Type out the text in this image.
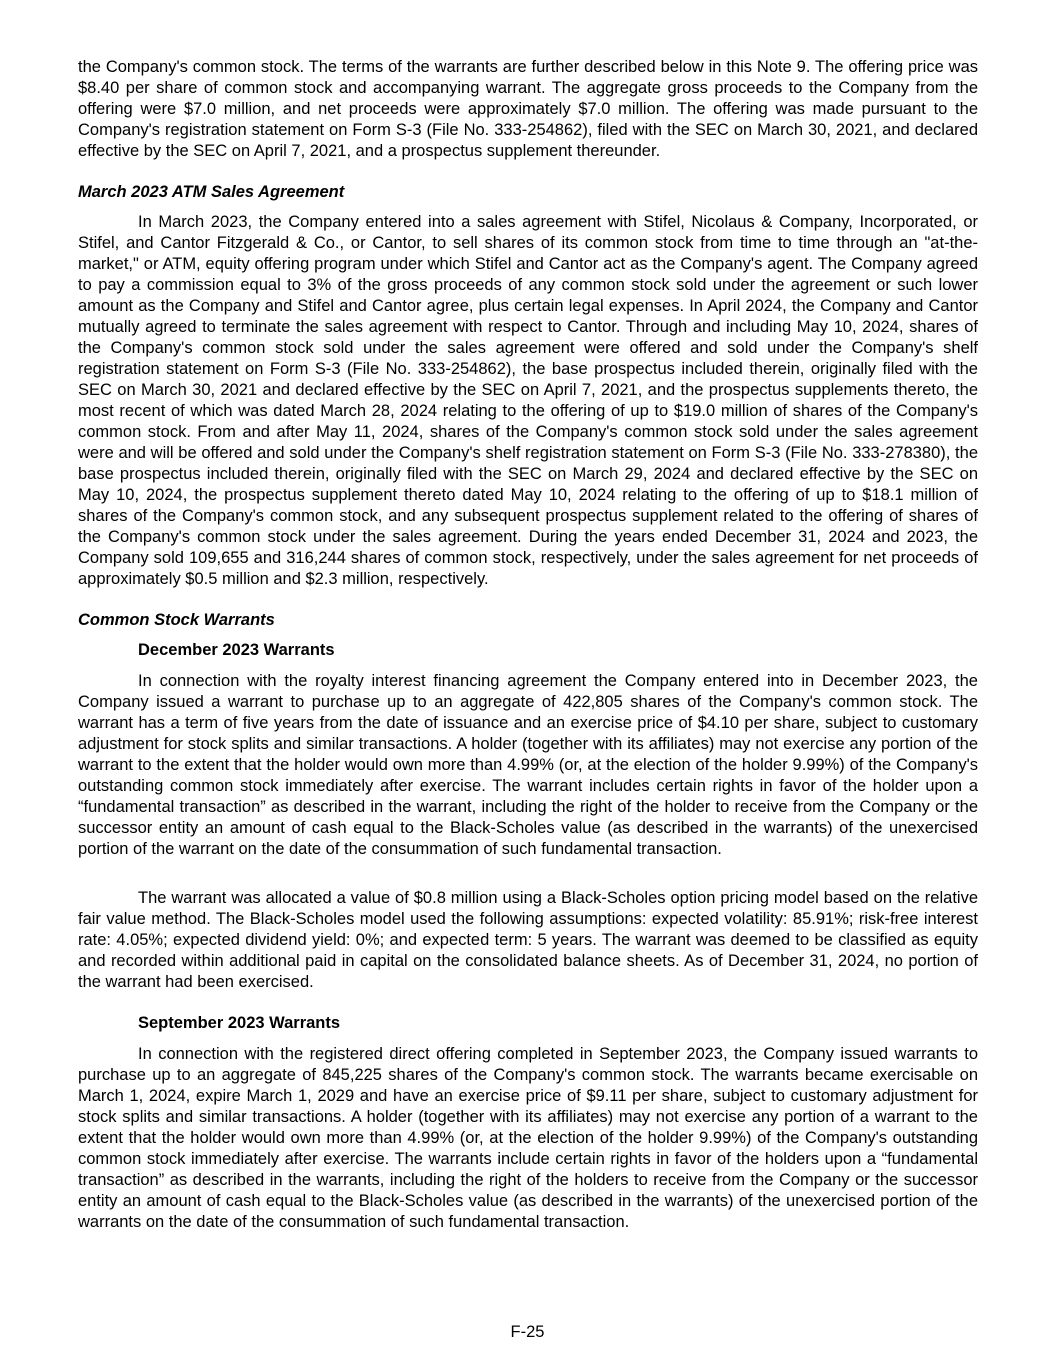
the Company's common stock. The terms of the warrants are further described below in this Note 9. The offering price was $8.40 per share of common stock and accompanying warrant. The aggregate gross proceeds to the Company from the offering were $7.0 million, and net proceeds were approximately $7.0 million. The offering was made pursuant to the Company's registration statement on Form S-3 (File No. 333-254862), filed with the SEC on March 30, 2021, and declared effective by the SEC on April 7, 2021, and a prospectus supplement thereunder.

March 2023 ATM Sales Agreement

In March 2023, the Company entered into a sales agreement with Stifel, Nicolaus & Company, Incorporated, or Stifel, and Cantor Fitzgerald & Co., or Cantor, to sell shares of its common stock from time to time through an "at-the-market," or ATM, equity offering program under which Stifel and Cantor act as the Company's agent. The Company agreed to pay a commission equal to 3% of the gross proceeds of any common stock sold under the agreement or such lower amount as the Company and Stifel and Cantor agree, plus certain legal expenses. In April 2024, the Company and Cantor mutually agreed to terminate the sales agreement with respect to Cantor. Through and including May 10, 2024, shares of the Company's common stock sold under the sales agreement were offered and sold under the Company's shelf registration statement on Form S-3 (File No. 333-254862), the base prospectus included therein, originally filed with the SEC on March 30, 2021 and declared effective by the SEC on April 7, 2021, and the prospectus supplements thereto, the most recent of which was dated March 28, 2024 relating to the offering of up to $19.0 million of shares of the Company's common stock. From and after May 11, 2024, shares of the Company's common stock sold under the sales agreement were and will be offered and sold under the Company's shelf registration statement on Form S-3 (File No. 333-278380), the base prospectus included therein, originally filed with the SEC on March 29, 2024 and declared effective by the SEC on May 10, 2024, the prospectus supplement thereto dated May 10, 2024 relating to the offering of up to $18.1 million of shares of the Company's common stock, and any subsequent prospectus supplement related to the offering of shares of the Company's common stock under the sales agreement. During the years ended December 31, 2024 and 2023, the Company sold 109,655 and 316,244 shares of common stock, respectively, under the sales agreement for net proceeds of approximately $0.5 million and $2.3 million, respectively.

Common Stock Warrants
December 2023 Warrants

In connection with the royalty interest financing agreement the Company entered into in December 2023, the Company issued a warrant to purchase up to an aggregate of 422,805 shares of the Company's common stock. The warrant has a term of five years from the date of issuance and an exercise price of $4.10 per share, subject to customary adjustment for stock splits and similar transactions. A holder (together with its affiliates) may not exercise any portion of the warrant to the extent that the holder would own more than 4.99% (or, at the election of the holder 9.99%) of the Company's outstanding common stock immediately after exercise. The warrant includes certain rights in favor of the holder upon a “fundamental transaction” as described in the warrant, including the right of the holder to receive from the Company or the successor entity an amount of cash equal to the Black-Scholes value (as described in the warrants) of the unexercised portion of the warrant on the date of the consummation of such fundamental transaction.

The warrant was allocated a value of $0.8 million using a Black-Scholes option pricing model based on the relative fair value method. The Black-Scholes model used the following assumptions: expected volatility: 85.91%; risk-free interest rate: 4.05%; expected dividend yield: 0%; and expected term: 5 years. The warrant was deemed to be classified as equity and recorded within additional paid in capital on the consolidated balance sheets. As of December 31, 2024, no portion of the warrant had been exercised.

September 2023 Warrants

In connection with the registered direct offering completed in September 2023, the Company issued warrants to purchase up to an aggregate of 845,225 shares of the Company's common stock. The warrants became exercisable on March 1, 2024, expire March 1, 2029 and have an exercise price of $9.11 per share, subject to customary adjustment for stock splits and similar transactions. A holder (together with its affiliates) may not exercise any portion of a warrant to the extent that the holder would own more than 4.99% (or, at the election of the holder 9.99%) of the Company's outstanding common stock immediately after exercise. The warrants include certain rights in favor of the holders upon a “fundamental transaction” as described in the warrants, including the right of the holders to receive from the Company or the successor entity an amount of cash equal to the Black-Scholes value (as described in the warrants) of the unexercised portion of the warrants on the date of the consummation of such fundamental transaction.

F-25
